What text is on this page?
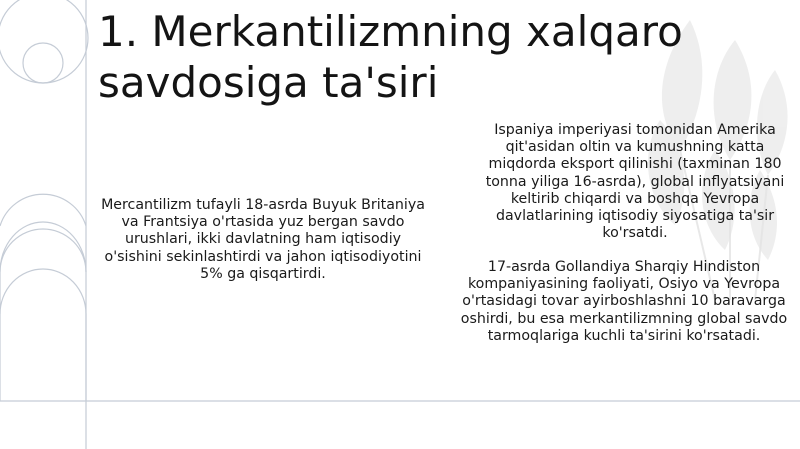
1. Merkantilizmning xalqaro
savdosiga ta'siri
Mercantilizm tufayli 18-asrda Buyuk Britaniya va Frantsiya o'rtasida yuz bergan savdo urushlari, ikki davlatning ham iqtisodiy o'sishini sekinlashtirdi va jahon iqtisodiyotini 5% ga qisqartirdi.
Ispaniya imperiyasi tomonidan Amerika qit'asidan oltin va kumushning katta miqdorda eksport qilinishi (taxminan 180 tonna yiliga 16-asrda), global inflyatsiyani keltirib chiqardi va boshqa Yevropa davlatlarining iqtisodiy siyosatiga ta'sir ko'rsatdi.
17-asrda Gollandiya Sharqiy Hindiston kompaniyasining faoliyati, Osiyo va Yevropa o'rtasidagi tovar ayirboshlashni 10 baravarga oshirdi, bu esa merkantilizmning global savdo tarmoqlariga kuchli ta'sirini ko'rsatadi.
